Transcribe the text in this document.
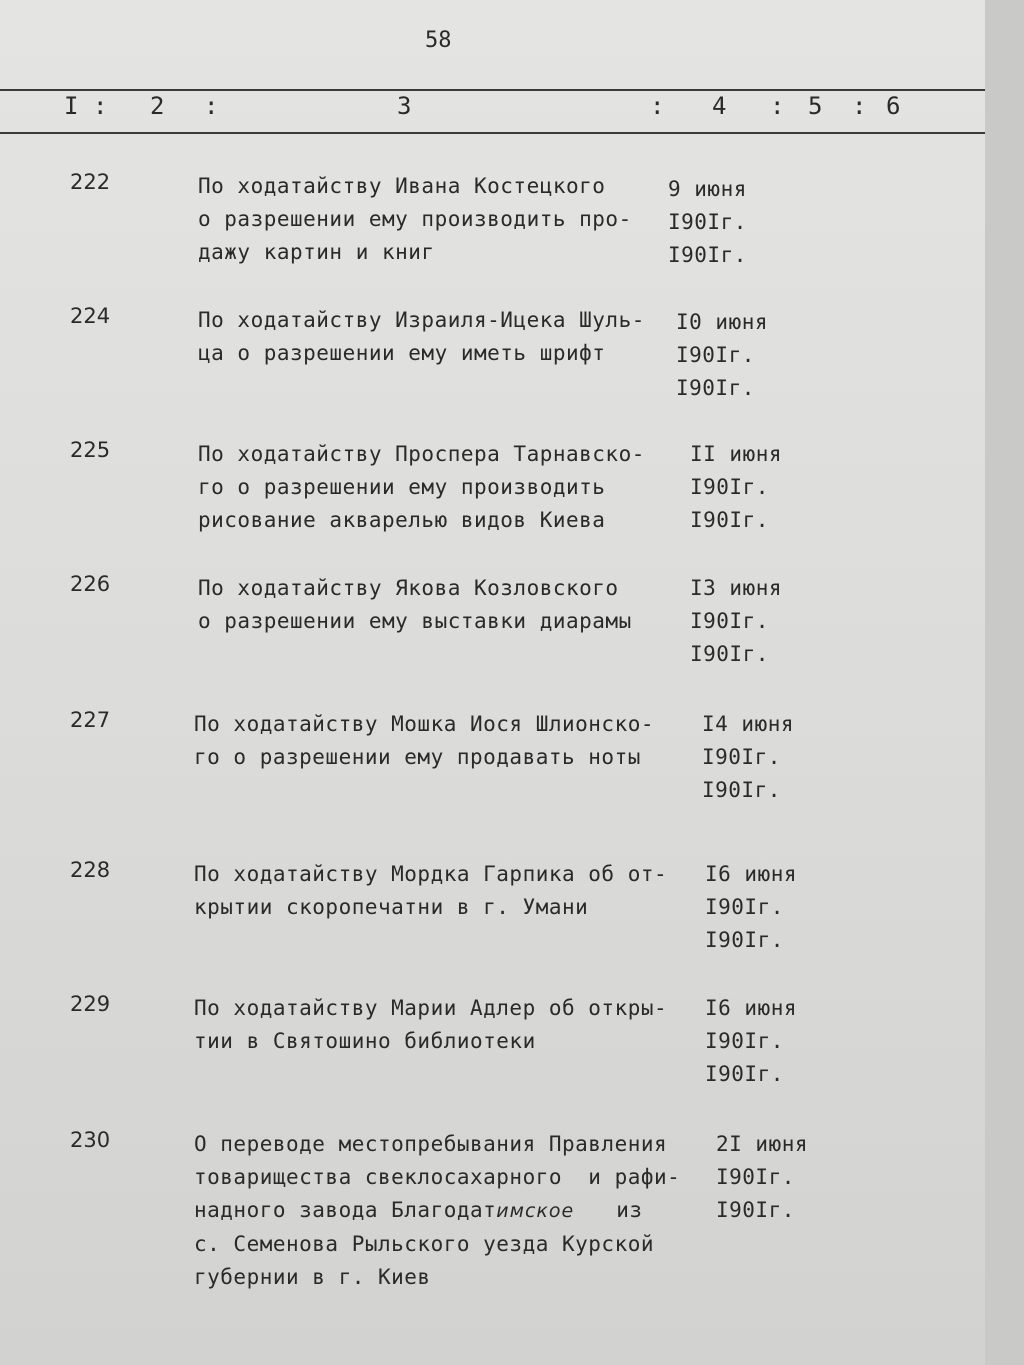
58
I : 2 :	3	: 4 : 5 : 6
222	По ходатайству Ивана Костецкого
о разрешении ему производить про-
дажу картин и книг
9 июня
I90Iг.
I90Iг.
224	По ходатайству Израиля-Ицека Шуль-
ца о разрешении ему иметь шрифт
I0 июня
I90Iг.
I90Iг.
225	По ходатайству Проспера Тарнавско-
го о разрешении ему производить
рисование акварелью видов Киева
II июня
I90Iг.
I90Iг.
226	По ходатайству Якова Козловского
о разрешении ему выставки диарамы
I3 июня
I90Iг.
I90Iг.
227	По ходатайству Мошка Иося Шлионско-
го о разрешении ему продавать ноты
I4 июня
I90Iг.
I90Iг.
228	По ходатайству Мордка Гарпика об от-
крытии скоропечатни в г. Умани
I6 июня
I90Iг.
I90Iг.
229	По ходатайству Марии Адлер об откры-
тии в Святошино библиотеки
I6 июня
I90Iг.
I90Iг.
230	О переводе местопребывания Правления
товарищества свеклосахарного  и рафи-
надного завода Благодатимское из
с. Семенова Рыльского уезда Курской
губернии в г. Киев
2I июня
I90Iг.
I90Iг.
